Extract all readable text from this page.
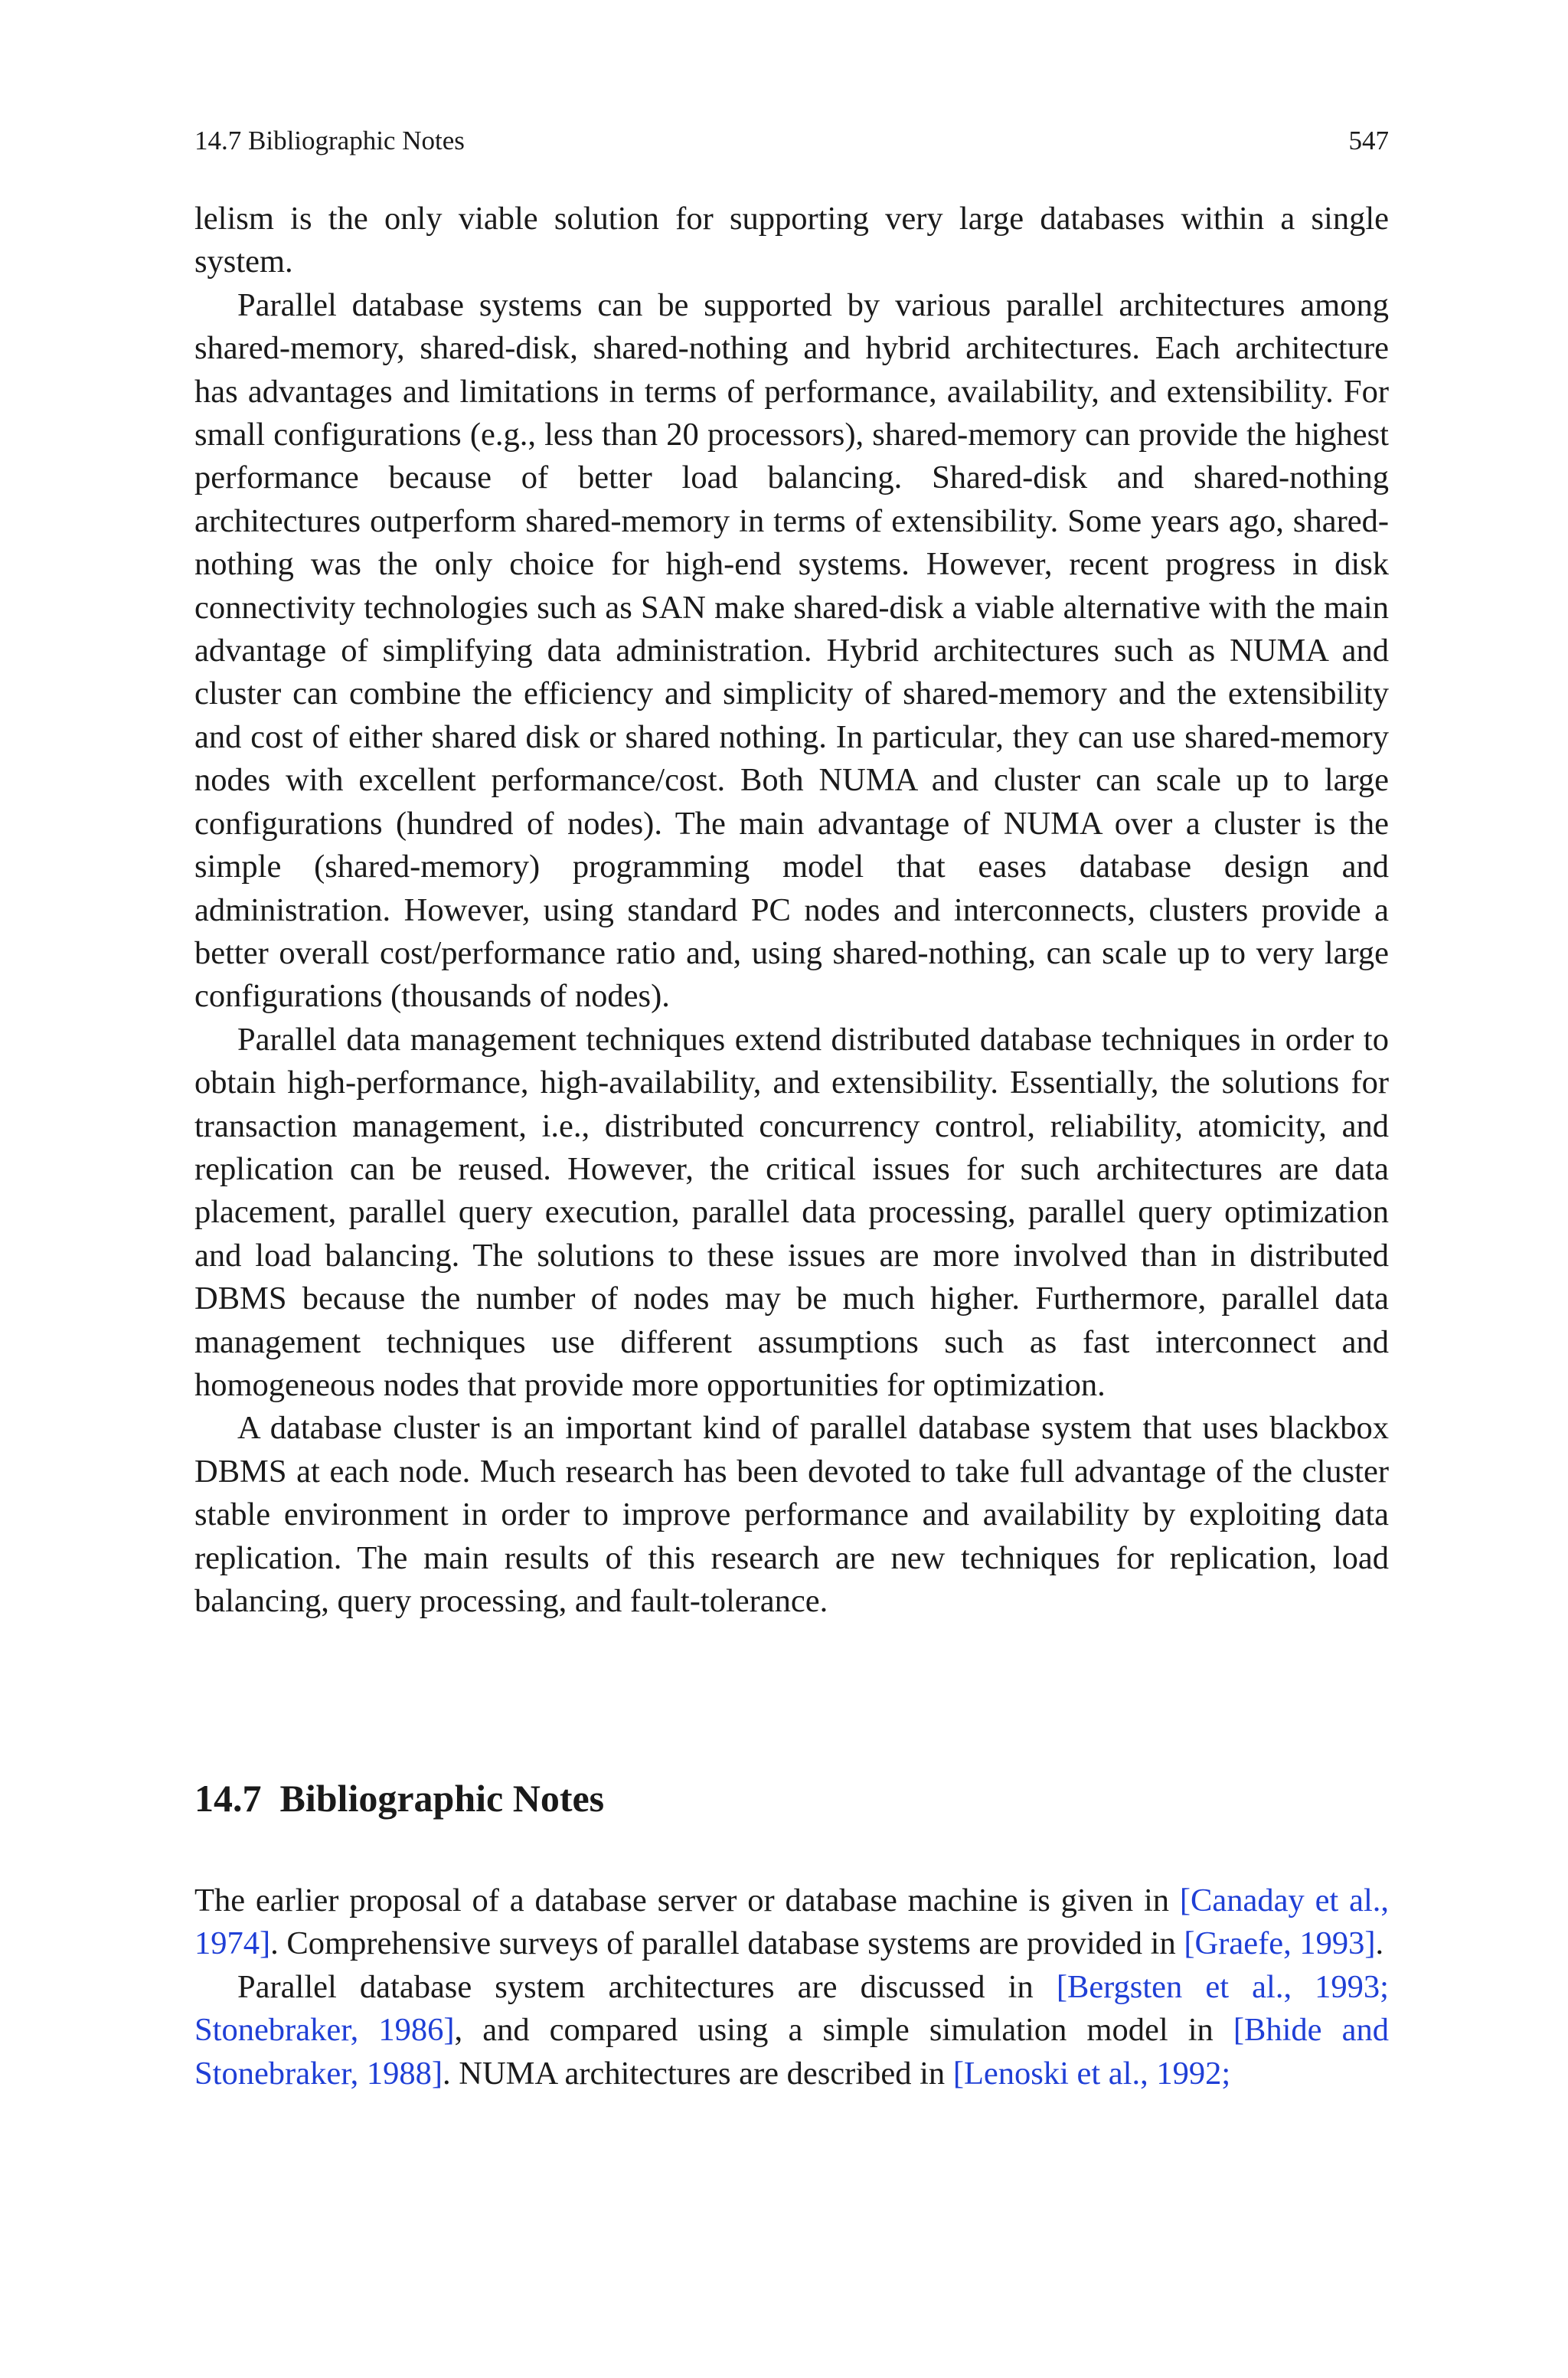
14.7 Bibliographic Notes	547

lelism is the only viable solution for supporting very large databases within a single system.

Parallel database systems can be supported by various parallel architectures among shared-memory, shared-disk, shared-nothing and hybrid architectures. Each architecture has advantages and limitations in terms of performance, availability, and extensibility. For small configurations (e.g., less than 20 processors), shared-memory can provide the highest performance because of better load balancing. Shared-disk and shared-nothing architectures outperform shared-memory in terms of extensibility. Some years ago, shared-nothing was the only choice for high-end systems. However, recent progress in disk connectivity technologies such as SAN make shared-disk a viable alternative with the main advantage of simplifying data administration. Hybrid architectures such as NUMA and cluster can combine the efficiency and simplicity of shared-memory and the extensibility and cost of either shared disk or shared nothing. In particular, they can use shared-memory nodes with excellent performance/cost. Both NUMA and cluster can scale up to large configurations (hundred of nodes). The main advantage of NUMA over a cluster is the simple (shared-memory) programming model that eases database design and administration. However, using standard PC nodes and interconnects, clusters provide a better overall cost/performance ratio and, using shared-nothing, can scale up to very large configurations (thousands of nodes).

Parallel data management techniques extend distributed database techniques in order to obtain high-performance, high-availability, and extensibility. Essentially, the solutions for transaction management, i.e., distributed concurrency control, reliability, atomicity, and replication can be reused. However, the critical issues for such architectures are data placement, parallel query execution, parallel data processing, parallel query optimization and load balancing. The solutions to these issues are more involved than in distributed DBMS because the number of nodes may be much higher. Furthermore, parallel data management techniques use different assumptions such as fast interconnect and homogeneous nodes that provide more opportunities for optimization.

A database cluster is an important kind of parallel database system that uses blackbox DBMS at each node. Much research has been devoted to take full advantage of the cluster stable environment in order to improve performance and availability by exploiting data replication. The main results of this research are new techniques for replication, load balancing, query processing, and fault-tolerance.

14.7 Bibliographic Notes

The earlier proposal of a database server or database machine is given in [Canaday et al., 1974]. Comprehensive surveys of parallel database systems are provided in [Graefe, 1993].

Parallel database system architectures are discussed in [Bergsten et al., 1993; Stonebraker, 1986], and compared using a simple simulation model in [Bhide and Stonebraker, 1988]. NUMA architectures are described in [Lenoski et al., 1992;
